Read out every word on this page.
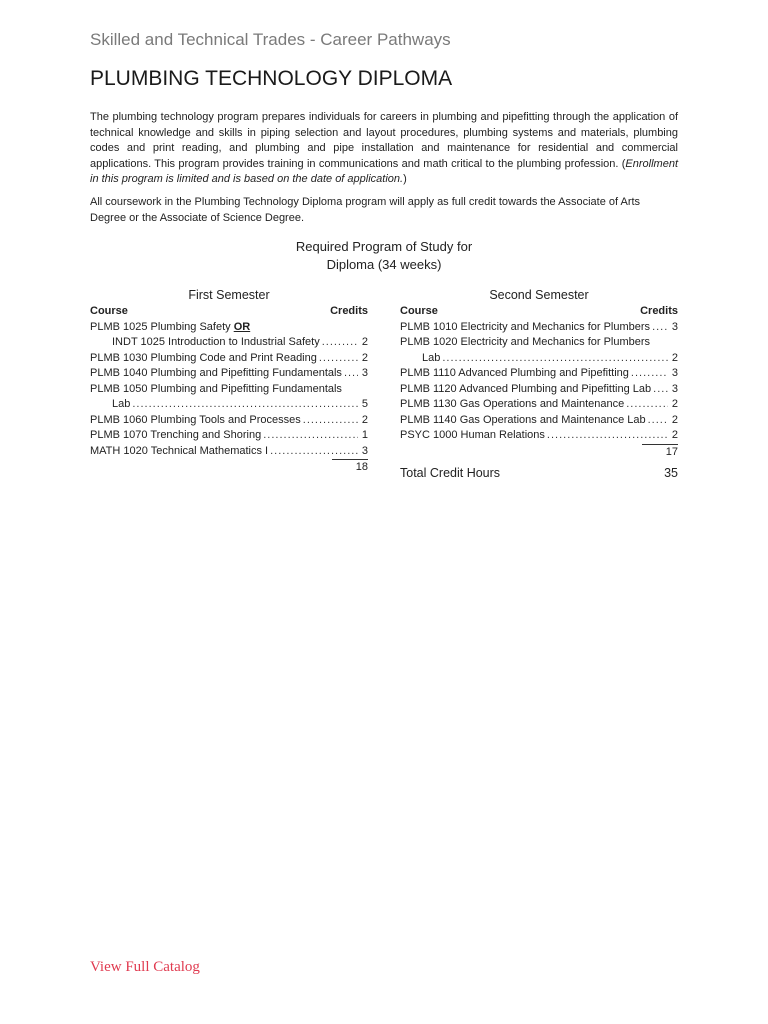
Skilled and Technical Trades - Career Pathways
PLUMBING TECHNOLOGY DIPLOMA

The plumbing technology program prepares individuals for careers in plumbing and pipefitting through the application of technical knowledge and skills in piping selection and layout procedures, plumbing systems and materials, plumbing codes and print reading, and plumbing and pipe installation and maintenance for residential and commercial applications. This program provides training in communications and math critical to the plumbing profession. (Enrollment in this program is limited and is based on the date of application.)

All coursework in the Plumbing Technology Diploma program will apply as full credit towards the Associate of Arts Degree or the Associate of Science Degree.

Required Program of Study for
Diploma (34 weeks)
First Semester
Course	Credits
PLMB 1025 Plumbing Safety OR
INDT 1025 Introduction to Industrial Safety .....	2
PLMB 1030 Plumbing Code and Print Reading .....	2
PLMB 1040 Plumbing and Pipefitting Fundamentals ..... 3
PLMB 1050 Plumbing and Pipefitting Fundamentals
Lab .....	5
PLMB 1060 Plumbing Tools and Processes .....	2
PLMB 1070 Trenching and Shoring .....	1
MATH 1020 Technical Mathematics I .....	3
18
Second Semester
Course	Credits
PLMB 1010 Electricity and Mechanics for Plumbers ..... 3
PLMB 1020 Electricity and Mechanics for Plumbers
Lab .....	2
PLMB 1110 Advanced Plumbing and Pipefitting .....	3
PLMB 1120 Advanced Plumbing and Pipefitting Lab ..... 3
PLMB 1130 Gas Operations and Maintenance .....	2
PLMB 1140 Gas Operations and Maintenance Lab ..... 2
PSYC 1000 Human Relations .....	2
17
Total Credit Hours	35
View Full Catalog
